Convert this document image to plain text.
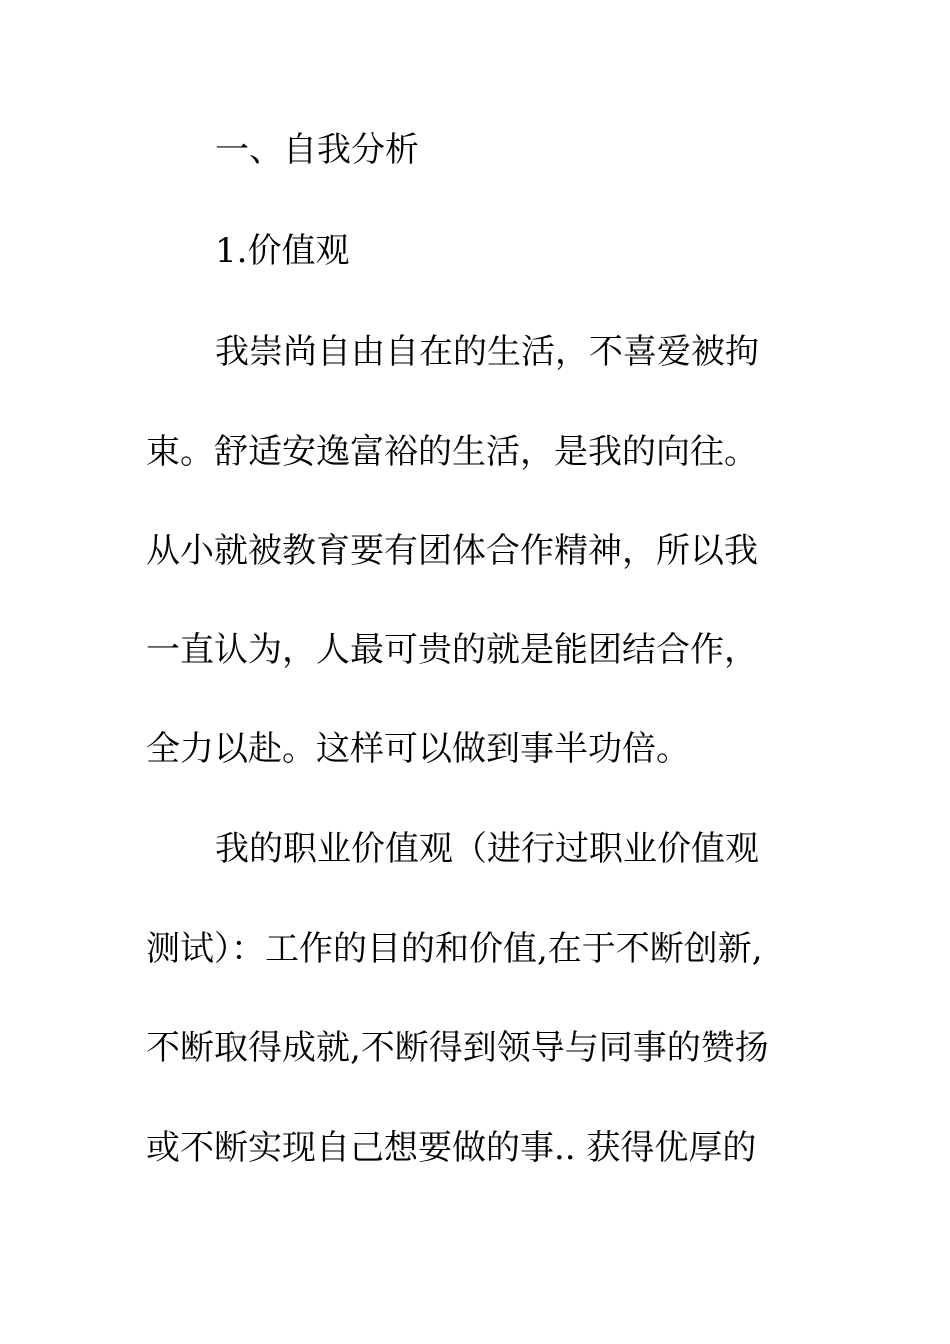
一、自我分析
1.价值观
我崇尚自由自在的生活，不喜爱被拘
束。舒适安逸富裕的生活，是我的向往。
从小就被教育要有团体合作精神，所以我
一直认为，人最可贵的就是能团结合作，
全力以赴。这样可以做到事半功倍。
我的职业价值观（进行过职业价值观
测试）：工作的目的和价值,在于不断创新,
不断取得成就,不断得到领导与同事的赞扬
或不断实现自己想要做的事.. 获得优厚的
